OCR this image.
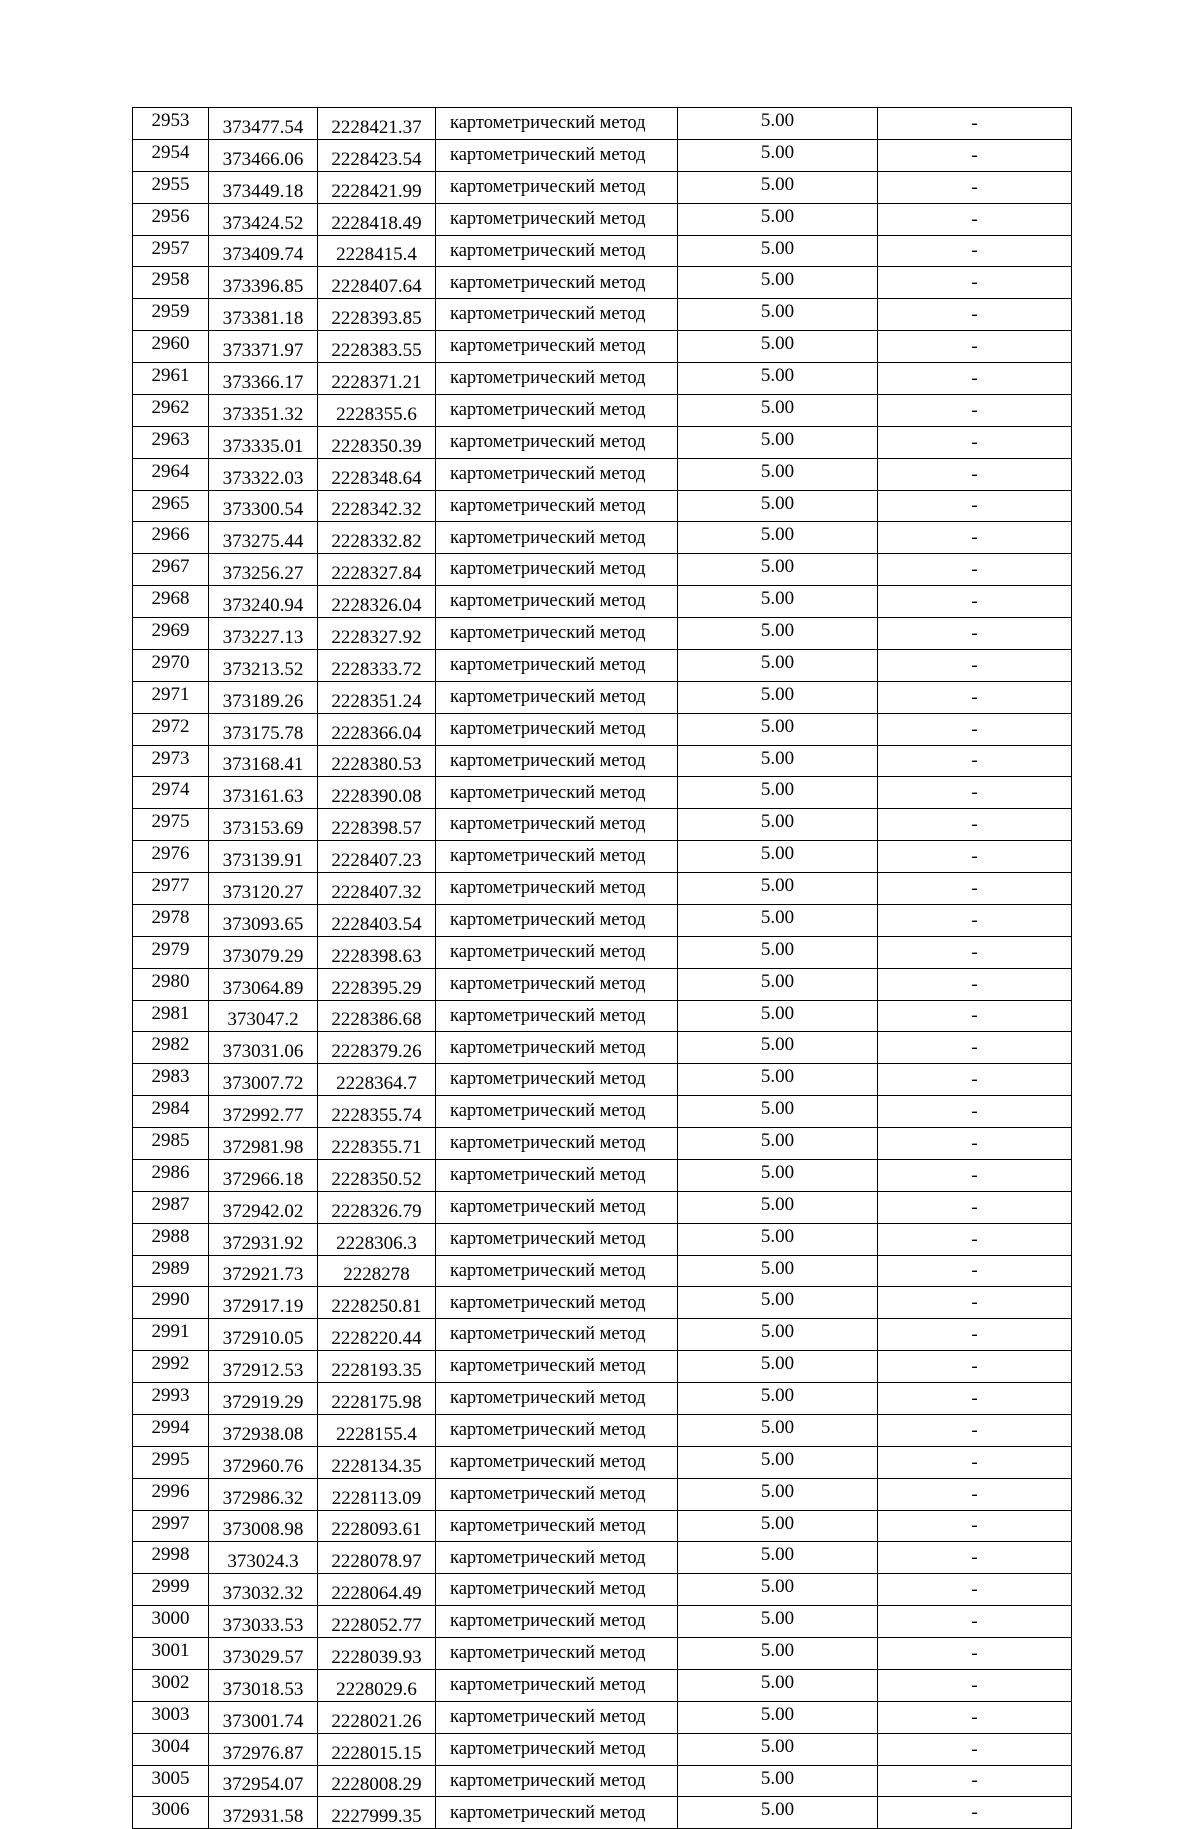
2953	373477.54	2228421.37	картометрический метод	5.00	-
2954	373466.06	2228423.54	картометрический метод	5.00	-
2955	373449.18	2228421.99	картометрический метод	5.00	-
2956	373424.52	2228418.49	картометрический метод	5.00	-
2957	373409.74	2228415.4	картометрический метод	5.00	-
2958	373396.85	2228407.64	картометрический метод	5.00	-
2959	373381.18	2228393.85	картометрический метод	5.00	-
2960	373371.97	2228383.55	картометрический метод	5.00	-
2961	373366.17	2228371.21	картометрический метод	5.00	-
2962	373351.32	2228355.6	картометрический метод	5.00	-
2963	373335.01	2228350.39	картометрический метод	5.00	-
2964	373322.03	2228348.64	картометрический метод	5.00	-
2965	373300.54	2228342.32	картометрический метод	5.00	-
2966	373275.44	2228332.82	картометрический метод	5.00	-
2967	373256.27	2228327.84	картометрический метод	5.00	-
2968	373240.94	2228326.04	картометрический метод	5.00	-
2969	373227.13	2228327.92	картометрический метод	5.00	-
2970	373213.52	2228333.72	картометрический метод	5.00	-
2971	373189.26	2228351.24	картометрический метод	5.00	-
2972	373175.78	2228366.04	картометрический метод	5.00	-
2973	373168.41	2228380.53	картометрический метод	5.00	-
2974	373161.63	2228390.08	картометрический метод	5.00	-
2975	373153.69	2228398.57	картометрический метод	5.00	-
2976	373139.91	2228407.23	картометрический метод	5.00	-
2977	373120.27	2228407.32	картометрический метод	5.00	-
2978	373093.65	2228403.54	картометрический метод	5.00	-
2979	373079.29	2228398.63	картометрический метод	5.00	-
2980	373064.89	2228395.29	картометрический метод	5.00	-
2981	373047.2	2228386.68	картометрический метод	5.00	-
2982	373031.06	2228379.26	картометрический метод	5.00	-
2983	373007.72	2228364.7	картометрический метод	5.00	-
2984	372992.77	2228355.74	картометрический метод	5.00	-
2985	372981.98	2228355.71	картометрический метод	5.00	-
2986	372966.18	2228350.52	картометрический метод	5.00	-
2987	372942.02	2228326.79	картометрический метод	5.00	-
2988	372931.92	2228306.3	картометрический метод	5.00	-
2989	372921.73	2228278	картометрический метод	5.00	-
2990	372917.19	2228250.81	картометрический метод	5.00	-
2991	372910.05	2228220.44	картометрический метод	5.00	-
2992	372912.53	2228193.35	картометрический метод	5.00	-
2993	372919.29	2228175.98	картометрический метод	5.00	-
2994	372938.08	2228155.4	картометрический метод	5.00	-
2995	372960.76	2228134.35	картометрический метод	5.00	-
2996	372986.32	2228113.09	картометрический метод	5.00	-
2997	373008.98	2228093.61	картометрический метод	5.00	-
2998	373024.3	2228078.97	картометрический метод	5.00	-
2999	373032.32	2228064.49	картометрический метод	5.00	-
3000	373033.53	2228052.77	картометрический метод	5.00	-
3001	373029.57	2228039.93	картометрический метод	5.00	-
3002	373018.53	2228029.6	картометрический метод	5.00	-
3003	373001.74	2228021.26	картометрический метод	5.00	-
3004	372976.87	2228015.15	картометрический метод	5.00	-
3005	372954.07	2228008.29	картометрический метод	5.00	-
3006	372931.58	2227999.35	картометрический метод	5.00	-
